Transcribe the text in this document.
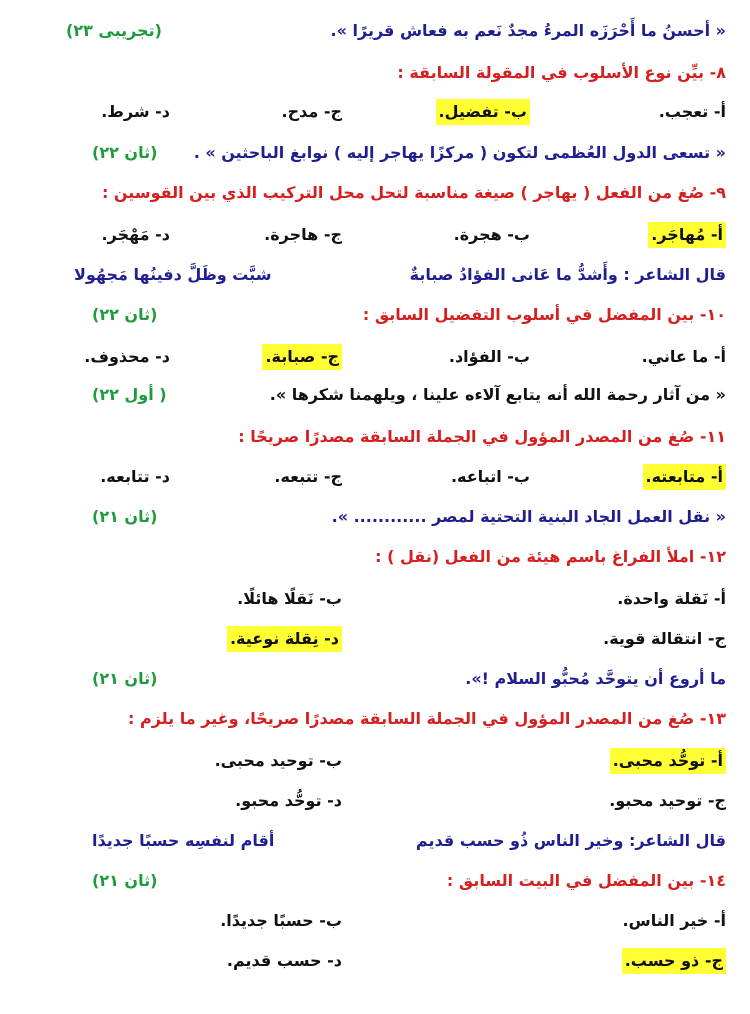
« أحسنُ ما أَحْرَزَه المرءُ مجدٌ نَعم به فعاش قريرًا ».
(تجريبى ٢٣)
٨- بيِّن نوع الأسلوب في المقولة السابقة :
أ- تعجب.
ب- تفضيل.
ج- مدح.
د- شرط.
« تسعى الدول العُظمى لتكون ( مركزًا يهاجر إليه ) نوابغ الباحثين » .
(ثان ٢٢)
٩- صُغ من الفعل ( يهاجر ) صيغة مناسبة لتحل محل التركيب الذي بين القوسين :
أ- مُهاجَر.
ب- هجرة.
ج- هاجرة.
د- مَهْجَر.
قال الشاعر : وأَشدُّ ما عَانى الفؤادُ صبابةٌ
شبَّت وظَلَّ دفينُها مَجهُولا
(ثان ٢٢)	١٠- بين المفضل في أسلوب التفضيل السابق :
أ- ما عاني.
ب- الفؤاد.
ج- صبابة.
د- محذوف.
« من آثار رحمة الله أنه يتابع آلاءه علينا ، ويلهمنا شكرها ».
( أول ٢٢)
١١- صُغ من المصدر المؤول في الجملة السابقة مصدرًا صريحًا :
أ- متابعته.
ب- اتباعه.
ج- تتبعه.
د- تتابعه.
« نقل العمل الجاد البنية التحتية لمصر ............ ».
(ثان ٢١)
١٢- املأ الفراغ باسم هيئة من الفعل (نقل ) :
أ- نَقلة واحدة.
ب- نَقلًا هائلًا.
ج- انتقالة قوية.
د- نِقلة نوعية.
ما أروع أن يتوحَّد مُحبُّو السلام !».
(ثان ٢١)
١٣- صُغ من المصدر المؤول في الجملة السابقة مصدرًا صريحًا، وغير ما يلزم :
أ- توحُّد محبى.
ب- توحيد محبى.
ج- توحيد محبو.
د- توحُّد محبو.
قال الشاعر: وخير الناس ذُو حسب قديم
أقام لنفسِه حسبًا جديدًا
١٤- بين المفضل في البيت السابق :
(ثان ٢١)
أ- خير الناس.
ب- حسبًا جديدًا.
ج- ذو حسب.
د- حسب قديم.
